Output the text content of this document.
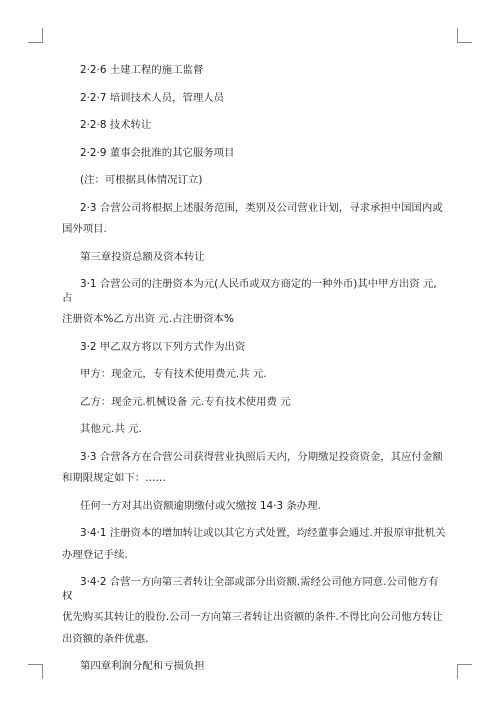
2·2·6 土建工程的施工监督

2·2·7 培训技术人员，管理人员

2·2·8 技术转让

2·2·9 董事会批准的其它服务项目

(注：可根据具体情况订立)

2·3 合营公司将根据上述服务范围，类别及公司营业计划，寻求承担中国国内或
国外项目.

第三章投资总额及资本转让

3·1 合营公司的注册资本为元(人民币或双方商定的一种外币)其中甲方出资 元,占
注册资本%乙方出资 元.占注册资本%

3·2 甲乙双方将以下列方式作为出资

甲方：现金元，专有技术使用费元.共 元.

乙方：现金元.机械设备 元.专有技术使用费 元

其他元.共 元.

3·3 合营各方在合营公司获得营业执照后天内，分期缴足投资资金，其应付金额
和期限规定如下：……

任何一方对其出资额逾期缴付或欠缴按 14·3 条办理.

3·4·1 注册资本的增加转让或以其它方式处置，均经董事会通过.并报原审批机关
办理登记手续.
3·4·2 合营一方向第三者转让全部或部分出资额.需经公司他方同意.公司他方有权
优先购买其转让的股份.公司一方向第三者转让出资额的条件.不得比向公司他方转让
出资额的条件优惠.

第四章利润分配和亏损负担
